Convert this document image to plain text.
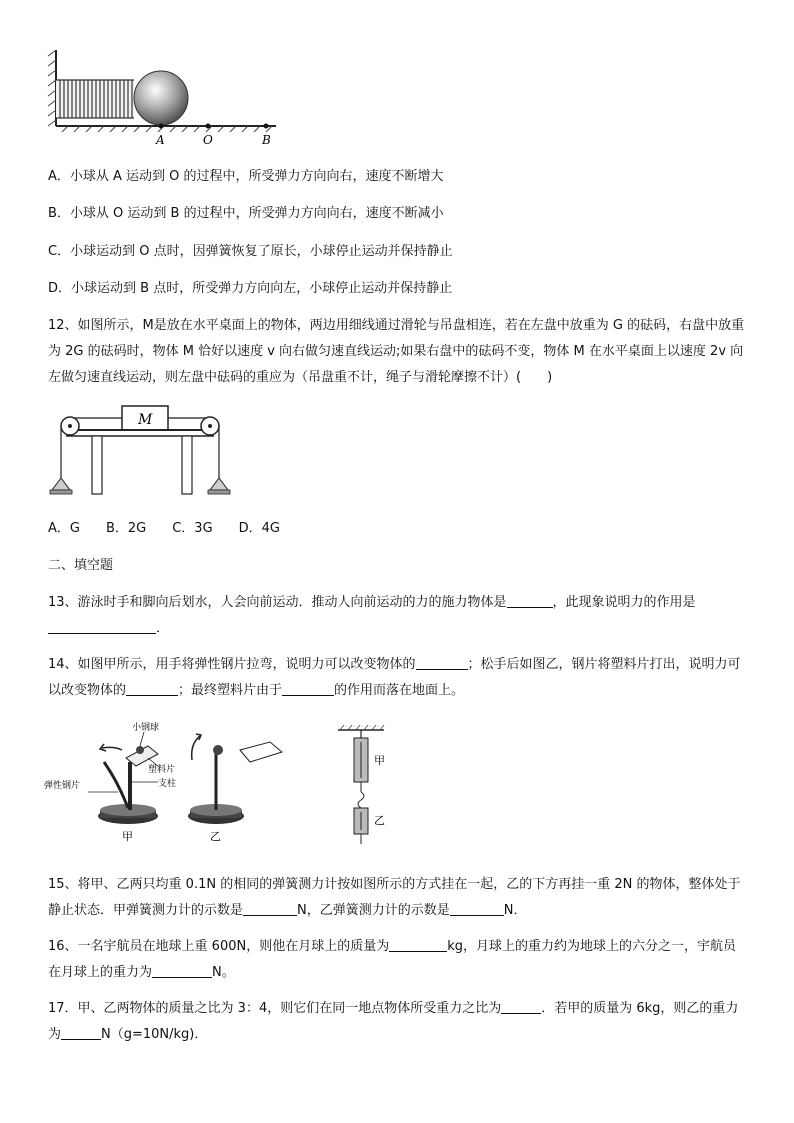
A	O	B
A．小球从 A 运动到 O 的过程中，所受弹力方向向右，速度不断增大
B．小球从 O 运动到 B 的过程中，所受弹力方向向右，速度不断减小
C．小球运动到 O 点时，因弹簧恢复了原长，小球停止运动并保持静止
D．小球运动到 B 点时，所受弹力方向向左，小球停止运动并保持静止
12、如图所示，M是放在水平桌面上的物体，两边用细线通过滑轮与吊盘相连，若在左盘中放重为 G 的砝码，右盘中放重为 2G 的砝码时，物体 M 恰好以速度 v 向右做匀速直线运动;如果右盘中的砝码不变，物体 M 在水平桌面上以速度 2v 向左做匀速直线运动，则左盘中砝码的重应为（吊盘重不计，绳子与滑轮摩擦不计）(　　)
M
A．G　　B．2G　　C．3G　　D．4G
二、填空题
13、游泳时手和脚向后划水，人会向前运动．推动人向前运动的力的施力物体是	，此现象说明力的作用是．
14、如图甲所示，用手将弹性钢片拉弯，说明力可以改变物体的	；松手后如图乙，钢片将塑料片打出，说明力可以改变物体的	；最终塑料片由于	的作用而落在地面上。
小钢球
塑料片
支柱
弹性钢片
甲	乙
甲
乙
15、将甲、乙两只均重 0.1N 的相同的弹簧测力计按如图所示的方式挂在一起，乙的下方再挂一重 2N 的物体，整体处于静止状态．甲弹簧测力计的示数是	N，乙弹簧测力计的示数是	N．
16、一名宇航员在地球上重 600N，则他在月球上的质量为	kg，月球上的重力约为地球上的六分之一，宇航员在月球上的重力为	N。
17．甲、乙两物体的质量之比为 3：4，则它们在同一地点物体所受重力之比为	．若甲的质量为 6kg，则乙的重力为	N（g=10N/kg)．
